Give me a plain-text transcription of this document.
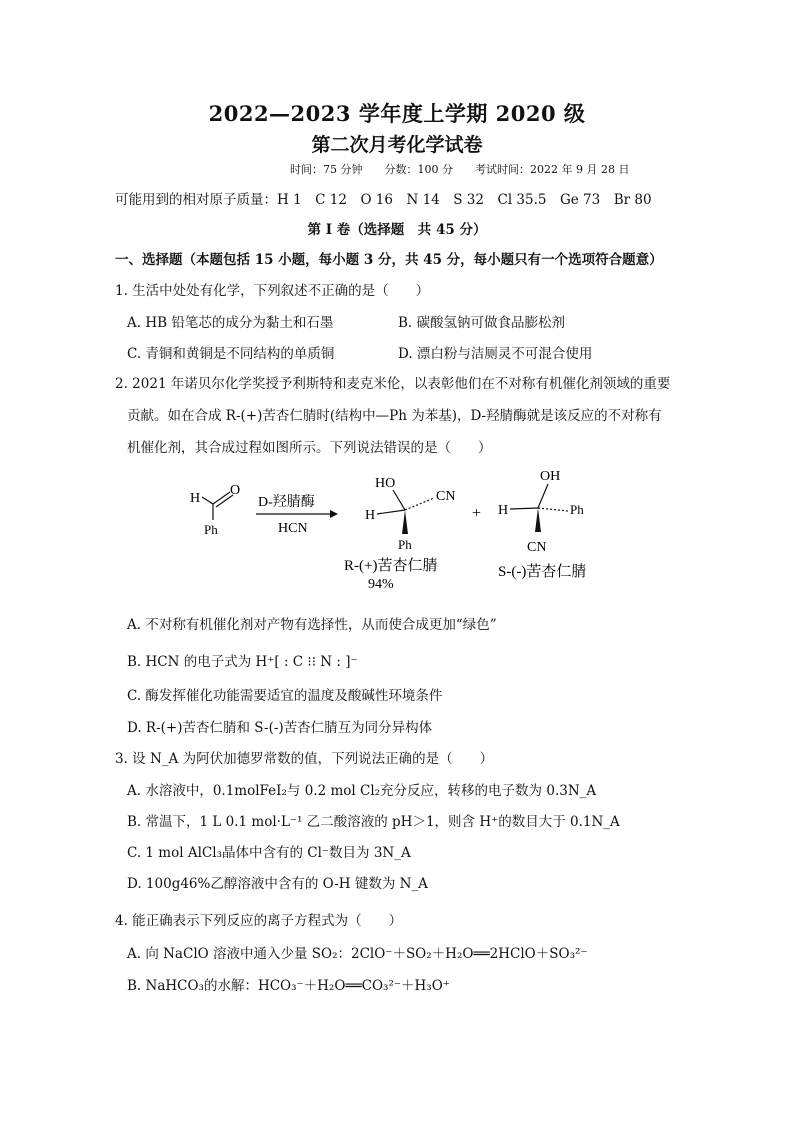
2022—2023 学年度上学期 2020 级
第二次月考化学试卷
时间：75 分钟　　分数：100 分　　考试时间：2022 年 9 月 28 日
可能用到的相对原子质量：H 1　C 12　O 16　N 14　S 32　Cl 35.5　Ge 73　Br 80
第 I 卷（选择题　共 45 分）
一、选择题（本题包括 15 小题，每小题 3 分，共 45 分，每小题只有一个选项符合题意）
1. 生活中处处有化学，下列叙述不正确的是（　　）
A. HB 铅笔芯的成分为黏土和石墨	B. 碳酸氢钠可做食品膨松剂
C. 青铜和黄铜是不同结构的单质铜	D. 漂白粉与洁厕灵不可混合使用
2. 2021 年诺贝尔化学奖授予利斯特和麦克米伦，以表彰他们在不对称有机催化剂领域的重要
贡献。如在合成 R-(+)苦杏仁腈时(结构中—Ph 为苯基)，D-羟腈酶就是该反应的不对称有
机催化剂，其合成过程如图所示。下列说法错误的是（　　）
H
O
Ph
D-羟腈酶
HCN
HO
H
CN
Ph
R-(+)苦杏仁腈
94%
+
OH
H	Ph
CN
S-(-)苦杏仁腈
A. 不对称有机催化剂对产物有选择性，从而使合成更加“绿色”
B. HCN 的电子式为 H⁺[ : C ⁝⁝ N : ]⁻
C. 酶发挥催化功能需要适宜的温度及酸碱性环境条件
D. R-(+)苦杏仁腈和 S-(-)苦杏仁腈互为同分异构体
3. 设 N_A 为阿伏加德罗常数的值，下列说法正确的是（　　）
A. 水溶液中，0.1molFeI₂与 0.2 mol Cl₂充分反应，转移的电子数为 0.3N_A
B. 常温下，1 L 0.1 mol·L⁻¹ 乙二酸溶液的 pH＞1，则含 H⁺的数目大于 0.1N_A
C. 1 mol AlCl₃晶体中含有的 Cl⁻数目为 3N_A
D. 100g46%乙醇溶液中含有的 O-H 键数为 N_A
4. 能正确表示下列反应的离子方程式为（　　）
A. 向 NaClO 溶液中通入少量 SO₂：2ClO⁻＋SO₂＋H₂O══2HClO＋SO₃²⁻
B. NaHCO₃的水解：HCO₃⁻＋H₂O══CO₃²⁻＋H₃O⁺
